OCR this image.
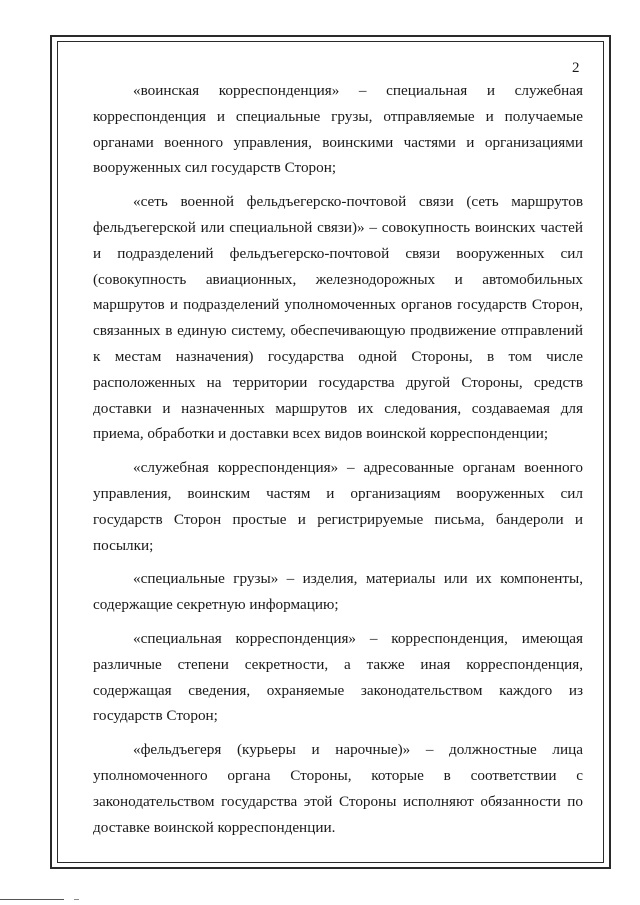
2

«воинская корреспонденция» – специальная и служебная корреспонденция и специальные грузы, отправляемые и получаемые органами военного управления, воинскими частями и организациями вооруженных сил государств Сторон;

«сеть военной фельдъегерско-почтовой связи (сеть маршрутов фельдъегерской или специальной связи)» – совокупность воинских частей и подразделений фельдъегерско-почтовой связи вооруженных сил (совокупность авиационных, железнодорожных и автомобильных маршрутов и подразделений уполномоченных органов государств Сторон, связанных в единую систему, обеспечивающую продвижение отправлений к местам назначения) государства одной Стороны, в том числе расположенных на территории государства другой Стороны, средств доставки и назначенных маршрутов их следования, создаваемая для приема, обработки и доставки всех видов воинской корреспонденции;

«служебная корреспонденция» – адресованные органам военного управления, воинским частям и организациям вооруженных сил государств Сторон простые и регистрируемые письма, бандероли и посылки;

«специальные грузы» – изделия, материалы или их компоненты, содержащие секретную информацию;

«специальная корреспонденция» – корреспонденция, имеющая различные степени секретности, а также иная корреспонденция, содержащая сведения, охраняемые законодательством каждого из государств Сторон;

«фельдъегеря (курьеры и нарочные)» – должностные лица уполномоченного органа Стороны, которые в соответствии с законодательством государства этой Стороны исполняют обязанности по доставке воинской корреспонденции.
